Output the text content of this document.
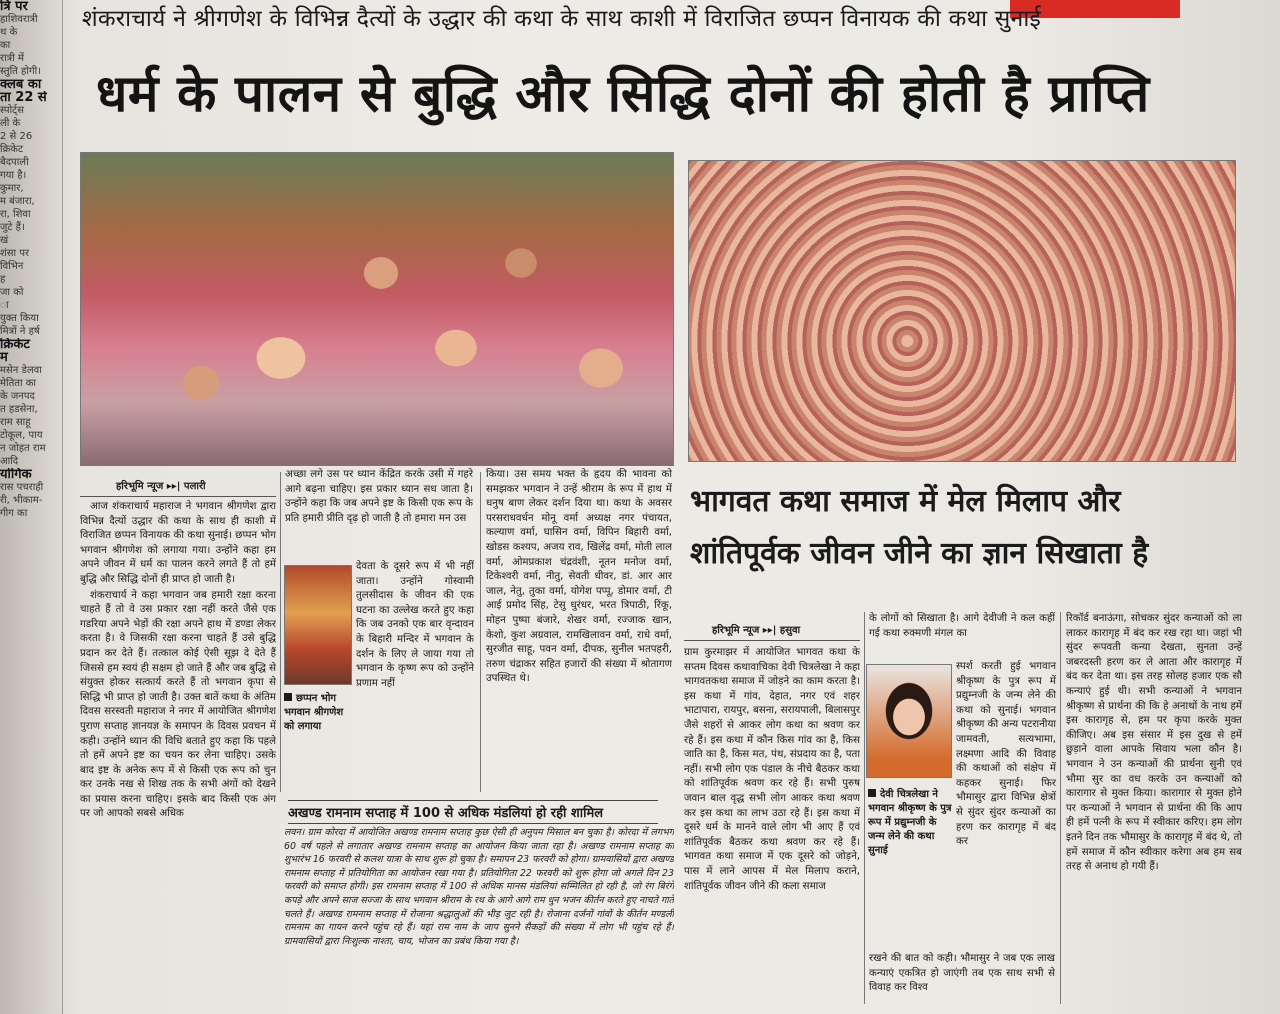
त्रि पर
हाशिवरात्री
थ के
का
रात्री में
स्तुति होगी।
क्लब का
ता 22 से
स्पोर्ट्स
ली के
2 से 26
क्रिकेट
बैदपाली
गया है।
कुमार,
म बंजारा,
रा, शिवा
जुटे हैं।
खं
शंसा पर
विभिन
ह
जा को
ा
युक्त किया
मित्रों ने हर्ष
क्रिकेट
म
मसेन डेलवा
मेतिता का
के जनपद
त हडसेना,
राम साहू
टोकूल, पाय
न जोहत राम
आदि
योगिक
रास पचराही
री, भीकाम-
गीग का
शंकराचार्य ने श्रीगणेश के विभिन्न दैत्यों के उद्धार की कथा के साथ काशी में विराजित छप्पन विनायक की कथा सुनाई
धर्म के पालन से बुद्धि और सिद्धि दोनों की होती है प्राप्ति
हरिभूमि न्यूज ▸▸| पलारी

आज शंकराचार्य महाराज ने भगवान श्रीगणेश द्वारा विभिन्न दैत्यों उद्धार की कथा के साथ ही काशी में विराजित छप्पन विनायक की कथा सुनाई। छप्पन भोग भगवान श्रीगणेश को लगाया गया। उन्होंने कहा हम अपने जीवन में धर्म का पालन करने लगते हैं तो हमें बुद्धि और सिद्धि दोनों ही प्राप्त हो जाती है।

शंकराचार्य ने कहा भगवान जब हमारी रक्षा करना चाहते हैं तो वे उस प्रकार रक्षा नहीं करते जैसे एक गडरिया अपने भेड़ों की रक्षा अपने हाथ में डण्डा लेकर करता है। वे जिसकी रक्षा करना चाहते हैं उसे बुद्धि प्रदान कर देते हैं। तत्काल कोई ऐसी सूझ दे देते हैं जिससे हम स्वयं ही सक्षम हो जाते हैं और जब बुद्धि से संयुक्त होकर सत्कार्य करते हैं तो भगवान कृपा से सिद्धि भी प्राप्त हो जाती है। उक्त बातें कथा के अंतिम दिवस सरस्वती महाराज ने नगर में आयोजित श्रीगणेश पुराण सप्ताह ज्ञानयज्ञ के समापन के दिवस प्रवचन में कही। उन्होंने ध्यान की विधि बताते हुए कहा कि पहले तो हमें अपने इष्ट का चयन कर लेना चाहिए। उसके बाद इष्ट के अनेक रूप में से किसी एक रूप को चुन कर उनके नख से शिख तक के सभी अंगों को देखने का प्रयास करना चाहिए। इसके बाद किसी एक अंग पर जो आपको सबसे अधिक

अच्छा लगे उस पर ध्यान केंद्रित करके उसी में गहरे आगे बढ़ना चाहिए। इस प्रकार ध्यान सध जाता है। उन्होंने कहा कि जब अपने इष्ट के किसी एक रूप के प्रति हमारी प्रीति दृढ़ हो जाती है तो हमारा मन उस
छप्पन भोग भगवान श्रीगणेश को लगाया
देवता के दूसरे रूप में भी नहीं जाता। उन्होंने गोस्वामी तुलसीदास के जीवन की एक घटना का उल्लेख करते हुए कहा कि जब उनको एक बार वृन्दावन के बिहारी मन्दिर में भगवान के दर्शन के लिए ले जाया गया तो भगवान के कृष्ण रूप को उन्होंने प्रणाम नहीं
किया। उस समय भक्त के हृदय की भावना को समझकर भगवान ने उन्हें श्रीराम के रूप में हाथ में धनुष बाण लेकर दर्शन दिया था। कथा के अवसर परसराधवर्धन मोनू वर्मा अध्यक्ष नगर पंचायत, कल्याण वर्मा, घासिन वर्मा, विपिन बिहारी वर्मा, खोडस कश्यप, अजय राव, खिलेंद्र वर्मा, मोती लाल वर्मा, ओमप्रकाश चंद्रवंशी, नूतन मनोज वर्मा, टिकेश्वरी वर्मा, नीतु, सेवती धीवर, डां. आर आर जाल, नेतु, तुका वर्मा, योगेश पप्पू, डोमार वर्मा, टी आई प्रमोद सिंह, टेसु धुरंधर, भरत त्रिपाठी, रिंकू, मोहन पुष्पा बंजारे, शेखर वर्मा, रज्जाक खान, केशो, कुश अग्रवाल, रामखिलावन वर्मा, राधे वर्मा, सुरजीत साहू, पवन वर्मा, दीपक, सुनील भतपहरी, तरुण चंद्राकर सहित हजारों की संख्या में श्रोतागण उपस्थित थे।
अखण्ड रामनाम सप्ताह में 100 से अधिक मंडलियां हो रही शामिल
लवन। ग्राम कोरदा में आयोजित अखण्ड रामनाम सप्ताह कुछ ऐसी ही अनुपम मिसाल बन चुका है। कोरदा में लगभग 60 वर्ष पहले से लगातार अखण्ड रामनाम सप्ताह का आयोजन किया जाता रहा है। अखण्ड रामनाम सप्ताह का शुभारंभ 16 फरवरी से कलश यात्रा के साथ शुरू हो चुका है। समापन 23 फरवरी को होगा। ग्रामवासियों द्वारा अखण्ड रामनाम सप्ताह में प्रतियोगिता का आयोजन रखा गया है। प्रतियोगिता 22 फरवरी को शुरू होगा जो अगले दिन 23 फरवरी को समाप्त होगी। इस रामनाम सप्ताह में 100 से अधिक मानस मंडलियां सम्मिलित हो रही है, जो रंग बिरंगे कपड़े और अपने साज सज्जा के साथ भगवान श्रीराम के रथ के आगे आगे राम धुन भजन कीर्तन करते हुए नाचते गाते चलते हैं। अखण्ड रामनाम सप्ताह में रोजाना श्रद्धालुओं की भीड़ जुट रही है। रोजाना दर्जनों गांवों के कीर्तन मण्डली रामनाम का गायन करने पहुंच रहे हैं। यहां राम नाम के जाप सुनने सैकड़ों की संख्या में लोग भी पहुंच रहे हैं। ग्रामवासियों द्वारा निःशुल्क नाश्ता, चाय, भोजन का प्रबंध किया गया है।
भागवत कथा समाज में मेल मिलाप और
शांतिपूर्वक जीवन जीने का ज्ञान सिखाता है
हरिभूमि न्यूज ▸▸| हसुवा
ग्राम कुरमाझर में आयोजित भागवत कथा के सप्तम दिवस कथावाचिका देवी चित्रलेखा ने कहा भागवतकथा समाज में जोड़ने का काम करता है। इस कथा में गांव, देहात, नगर एवं शहर भाटापारा, रायपुर, बसना, सरायपाली, बिलासपुर जैसे शहरों से आकर लोग कथा का श्रवण कर रहे हैं। इस कथा में कौन किस गांव का है, किस जाति का है, किस मत, पंथ, संप्रदाय का है, पता नहीं। सभी लोग एक पंडाल के नीचे बैठकर कथा को शांतिपूर्वक श्रवण कर रहे हैं। सभी पुरुष जवान बाल वृद्ध सभी लोग आकर कथा श्रवण कर इस कथा का लाभ उठा रहे हैं। इस कथा में दूसरे धर्म के मानने वाले लोग भी आए हैं एवं शांतिपूर्वक बैठकर कथा श्रवण कर रहे हैं। भागवत कथा समाज में एक दूसरे को जोड़ने, पास में लाने आपस में मेल मिलाप कराने, शांतिपूर्वक जीवन जीने की कला समाज
के लोगों को सिखाता है। आगे देवीजी ने कल कहीं गई कथा रुक्मणी मंगल का
देवी चित्रलेखा ने भगवान श्रीकृष्ण के पुत्र रूप में प्रद्युम्नजी के जन्म लेने की कथा सुनाई
स्पर्श करती हुई भगवान श्रीकृष्ण के पुत्र रूप में प्रद्युम्नजी के जन्म लेने की कथा को सुनाई। भगवान श्रीकृष्ण की अन्य पटरानीया जामवती, सत्यभामा, लक्ष्मणा आदि की विवाह की कथाओं को संक्षेप में कहकर सुनाई। फिर भौमासुर द्वारा विभिन्न क्षेत्रों से सुंदर सुंदर कन्याओं का हरण कर कारागृह में बंद कर
रखने की बात को कही। भौमासुर ने जब एक लाख कन्याएं एकत्रित हो जाएंगी तब एक साथ सभी से विवाह कर विश्व
रिकॉर्ड बनाऊंगा, सोचकर सुंदर कन्याओं को ला लाकर कारागृह में बंद कर रख रहा था। जहां भी सुंदर रूपवती कन्या देखता, सुनता उन्हें जबरदस्ती हरण कर ले आता और कारागृह में बंद कर देता था। इस तरह सोलह हजार एक सौ कन्याएं हुई थी। सभी कन्याओं ने भगवान श्रीकृष्ण से प्रार्थना की कि हे अनाथों के नाथ हमें इस कारागृह से, हम पर कृपा करके मुक्त कीजिए। अब इस संसार में इस दुख से हमें छुड़ाने वाला आपके सिवाय भला कौन है। भगवान ने उन कन्याओं की प्रार्थना सुनी एवं भौमा सुर का वध करके उन कन्याओं को कारागार से मुक्त किया। कारागार से मुक्त होने पर कन्याओं ने भगवान से प्रार्थना की कि आप ही हमें पत्नी के रूप में स्वीकार करिए। हम लोग इतने दिन तक भौमासुर के कारागृह में बंद थे, तो हमें समाज में कौन स्वीकार करेगा अब हम सब तरह से अनाथ हो गयी हैं।
